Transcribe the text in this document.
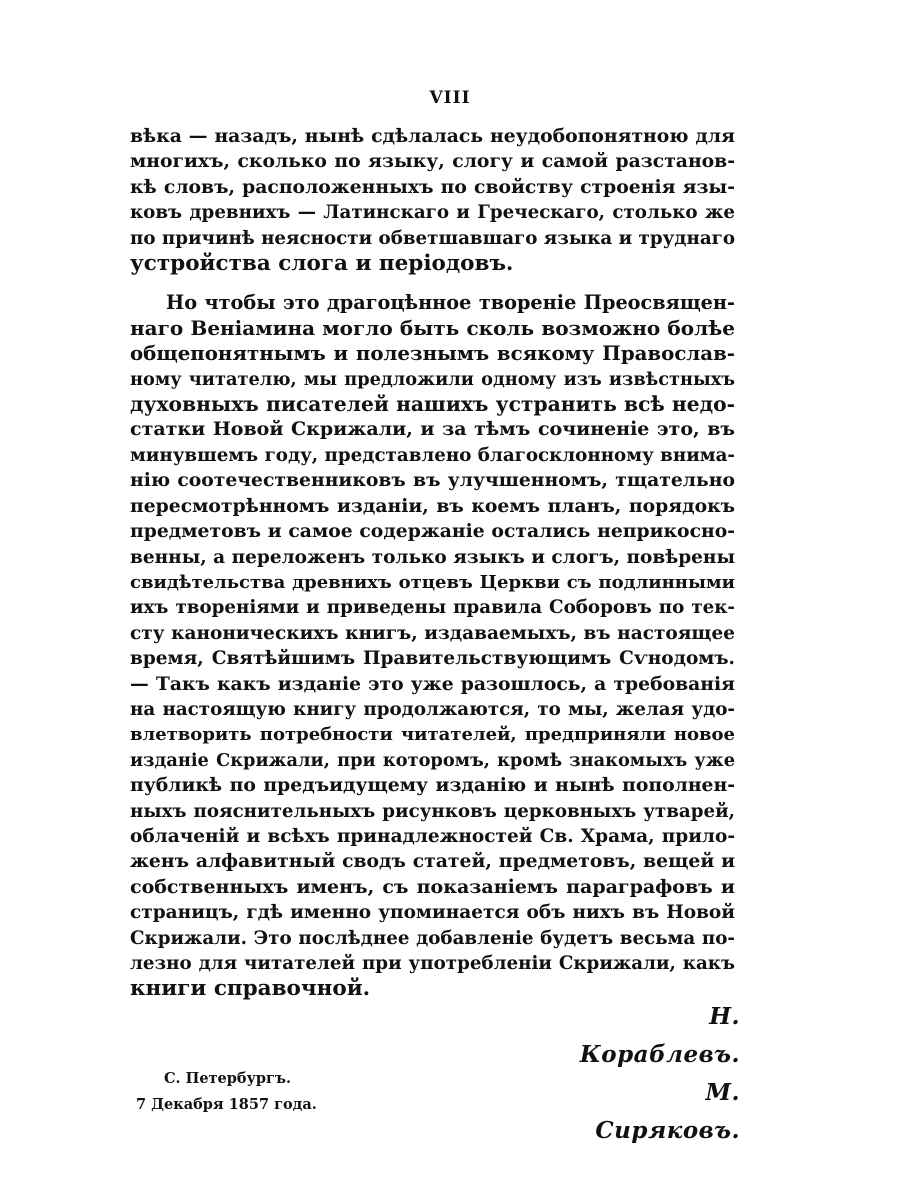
VIII
вѣка — назадъ, нынѣ сдѣлалась неудобопонятною для
многихъ, сколько по языку, слогу и самой разстанов-
кѣ словъ, расположенныхъ по свойству строенія язы-
ковъ древнихъ — Латинскаго и Греческаго, столько же
по причинѣ неясности обветшавшаго языка и труднаго
устройства слога и періодовъ.
Но чтобы это драгоцѣнное твореніе Преосвящен-
наго Веніамина могло быть сколь возможно болѣе
общепонятнымъ и полезнымъ всякому Православ-
ному читателю, мы предложили одному изъ извѣстныхъ
духовныхъ писателей нашихъ устранить всѣ недо-
статки Новой Скрижали, и за тѣмъ сочиненіе это, въ
минувшемъ году, представлено благосклонному внима-
нію соотечественниковъ въ улучшенномъ, тщательно
пересмотрѣнномъ изданіи, въ коемъ планъ, порядокъ
предметовъ и самое содержаніе остались неприкосно-
венны, а переложенъ только языкъ и слогъ, повѣрены
свидѣтельства древнихъ отцевъ Церкви съ подлинными
ихъ твореніями и приведены правила Соборовъ по тек-
сту каноническихъ книгъ, издаваемыхъ, въ настоящее
время, Святѣйшимъ Правительствующимъ Сѵнодомъ.
— Такъ какъ изданіе это уже разошлось, а требованія
на настоящую книгу продолжаются, то мы, желая удо-
влетворить потребности читателей, предприняли новое
изданіе Скрижали, при которомъ, кромѣ знакомыхъ уже
публикѣ по предъидущему изданію и нынѣ пополнен-
ныхъ пояснительныхъ рисунковъ церковныхъ утварей,
облаченій и всѣхъ принадлежностей Св. Храма, прило-
женъ алфавитный сводъ статей, предметовъ, вещей и
собственныхъ именъ, съ показаніемъ параграфовъ и
страницъ, гдѣ именно упоминается объ нихъ въ Новой
Скрижали. Это послѣднее добавленіе будетъ весьма по-
лезно для читателей при употребленіи Скрижали, какъ
книги справочной.
Н. Кораблевъ.
М. Сиряковъ.
С. Петербургъ.
7 Декабря 1857 года.
